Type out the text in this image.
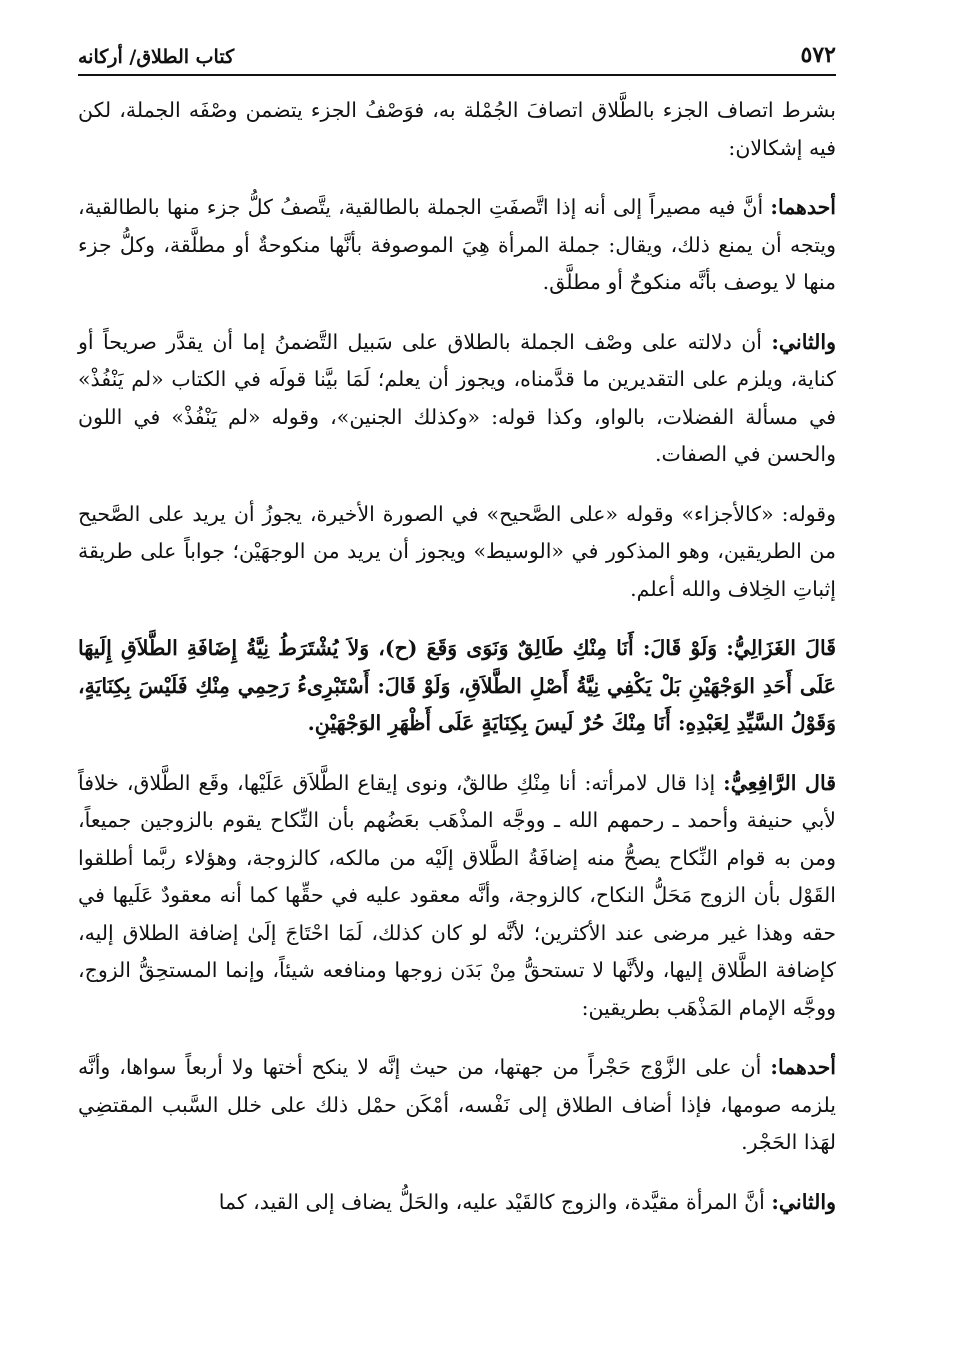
٥٧٢
كتاب الطلاق/ أركانه

بشرط اتصاف الجزء بالطَّلاق اتصافَ الجُمْلة به، فوَصْفُ الجزء يتضمن وصْفَه الجملة، لكن فيه إشكالان:

أحدهما: أنَّ فيه مصيراً إلى أنه إذا اتَّصفَتِ الجملة بالطالقية، يتَّصفُ كلُّ جزء منها بالطالقية، ويتجه أن يمنع ذلك، ويقال: جملة المرأة هِيَ الموصوفة بأنَّها منكوحةٌ أو مطلَّقة، وكلُّ جزء منها لا يوصف بأنَّه منكوحٌ أو مطلَّق.

والثاني: أن دلالته على وصْف الجملة بالطلاق على سَبيل التَّضمنُ إما أن يقدَّر صريحاً أو كناية، ويلزم على التقديرين ما قدَّمناه، ويجوز أن يعلم؛ لَمَا بيَّنا قولَه في الكتاب «لم يَنْفُذْ» في مسألة الفضلات، بالواو، وكذا قوله: «وكذلك الجنين»، وقوله «لم يَنْفُذْ» في اللون والحسن في الصفات.

وقوله: «كالأجزاء» وقوله «على الصَّحيح» في الصورة الأخيرة، يجوزُ أن يريد على الصَّحيح من الطريقين، وهو المذكور في «الوسيط» ويجوز أن يريد من الوجهَيْن؛ جواباً على طريقة إثباتِ الخِلاف والله أعلم.

قَالَ الغَزَالِيُّ: وَلَوْ قَالَ: أَنَا مِنْكِ طَالِقٌ وَنَوَى وَقَعَ (ح)، وَلاَ يُشْتَرَطُ نِيَّةُ إِضَافَةِ الطَّلاَقِ إِلَيهَا عَلَى أَحَدِ الوَجْهَيْنِ بَلْ يَكْفِي نِيَّةُ أَصْلِ الطَّلاَقِ، وَلَوْ قَالَ: أَسْتَبْرِىءُ رَحِمِي مِنْكِ فَلَيْسَ بِكِنَايَةٍ، وَقَوْلُ السَّيِّدِ لِعَبْدِهِ: أَنَا مِنْكَ حُرٌ لَيسَ بِكِنَايَةٍ عَلَى أَظْهَرِ الوَجْهَيْنِ.

قال الرَّافِعِيُّ: إذا قال لامرأته: أنا مِنْكِ طالقٌ، ونوى إيقاع الطَّلاَق عَلَيْها، وقَع الطَّلاق، خلافاً لأبي حنيفة وأحمد ـ رحمهم الله ـ ووجَّه المذْهَب بعَضُهم بأن النِّكاح يقوم بالزوجين جميعاً، ومن به قوام النِّكاح يصحُّ منه إضافَةُ الطَّلاق إلَيْه من مالكه، كالزوجة، وهؤلاء ربَّما أطلقوا القَوْل بأن الزوج مَحَلُّ النكاح، كالزوجة، وأنَّه معقود عليه في حقِّها كما أنه معقودٌ عَلَيها في حقه وهذا غير مرضى عند الأكثرين؛ لأنَّه لو كان كذلك، لَمَا احْتَاجَ إلَىٰ إضافة الطلاق إليه، كإضافة الطَّلاق إليها، ولأنَّها لا تستحقُّ مِنْ بَدَن زوجها ومنافعه شيئاً، وإنما المستحِقُّ الزوج، ووجَّه الإمام المَذْهَب بطريقين:

أحدهما: أن على الزَّوْج حَجْراً من جهتها، من حيث إنَّه لا ينكح أختها ولا أربعاً سواها، وأنَّه يلزمه صومها، فإذا أضاف الطلاق إلى نَفْسه، أمْكَن حمْل ذلك على خلل السَّبب المقتضِي لهَذا الحَجْر.

والثاني: أنَّ المرأة مقيَّدة، والزوج كالقَيْد عليه، والحَلُّ يضاف إلى القيد، كما
